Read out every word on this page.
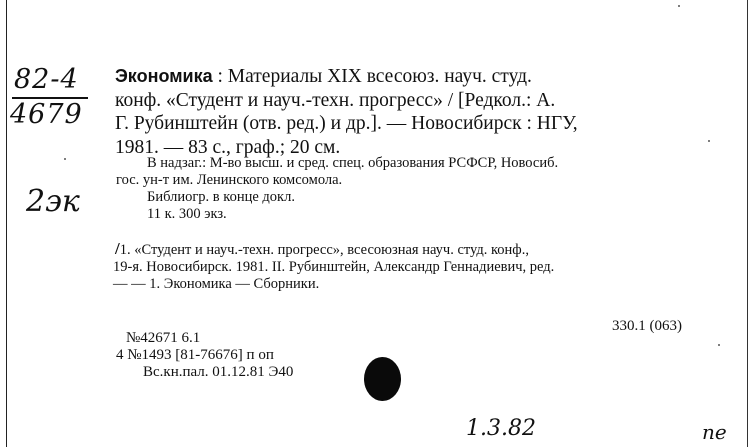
82-4
4679
2эк
Экономика : Материалы XIX всесоюз. науч. студ.
конф. «Студент и науч.-техн. прогресс» / [Редкол.: А.
Г. Рубинштейн (отв. ред.) и др.]. — Новосибирск : НГУ,
1981. — 83 с., граф.; 20 см.
В надзаг.: М-во высш. и сред. спец. образования РСФСР, Новосиб.
гос. ун-т им. Ленинского комсомола.
Библиогр. в конце докл.
11 к. 300 экз.
/1. «Студент и науч.-техн. прогресс», всесоюзная науч. студ. конф.,
19-я. Новосибирск. 1981. II. Рубинштейн, Александр Геннадиевич, ред.
— — 1. Экономика — Сборники.
330.1 (063)
№42671 6.1
4 №1493 [81-76676] п оп
Вс.кн.пал. 01.12.81 Э40
1.3.82	ne
